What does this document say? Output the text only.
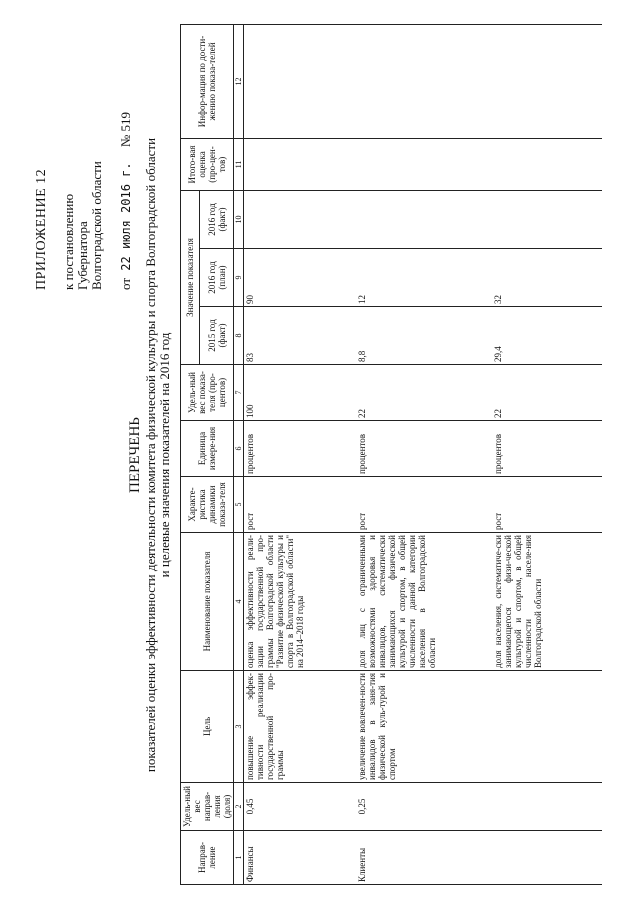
ПРИЛОЖЕНИЕ 12 к постановлению Губернатора Волгоградской области от 22 июля 2016 г. № 519
ПЕРЕЧЕНЬ показателей оценки эффективности деятельности комитета физической культуры и спорта Волгоградской области и целевые значения показателей на 2016 год
Направ-ление	Удель-ный вес направ-ления (доля)	Цель	Наименование показателя	Характе-ристика динамики показа-теля	Единица измере-ния	Удель-ный вес показа-теля (про-центов)	Значение показателя			Итого-вая оценка (про-цен-тов)	Инфор-мация по дости-жению показа-телей
							2015 год (факт)	2016 год (план)	2016 год (факт)		
1	2	3	4	5	6	7	8	9	10	11	12
Финансы	0,45	повышение эффек-тивности реализации государственной про-граммы	оценка эффективности реали-зации государственной про-граммы Волгоградской области "Развитие физической культуры и спорта в Волгоградской области" на 2014–2018 годы	рост	процентов	100	83	90			
Клиенты	0,25	увеличение вовлечен-ности инвалидов в заня-тия физической куль-турой и спортом	доля лиц с ограниченными возможностями здоровья и инвалидов, систематически занимающихся физической культурой и спортом, в общей численности данной категории населения в Волгоградской области	рост	процентов	22	8,8	12			
			доля населения, систематиче-ски занимающегося физи-ческой культурой и спортом, в общей численности населе-ния Волгоградской области	рост	процентов	22	29,4	32			
